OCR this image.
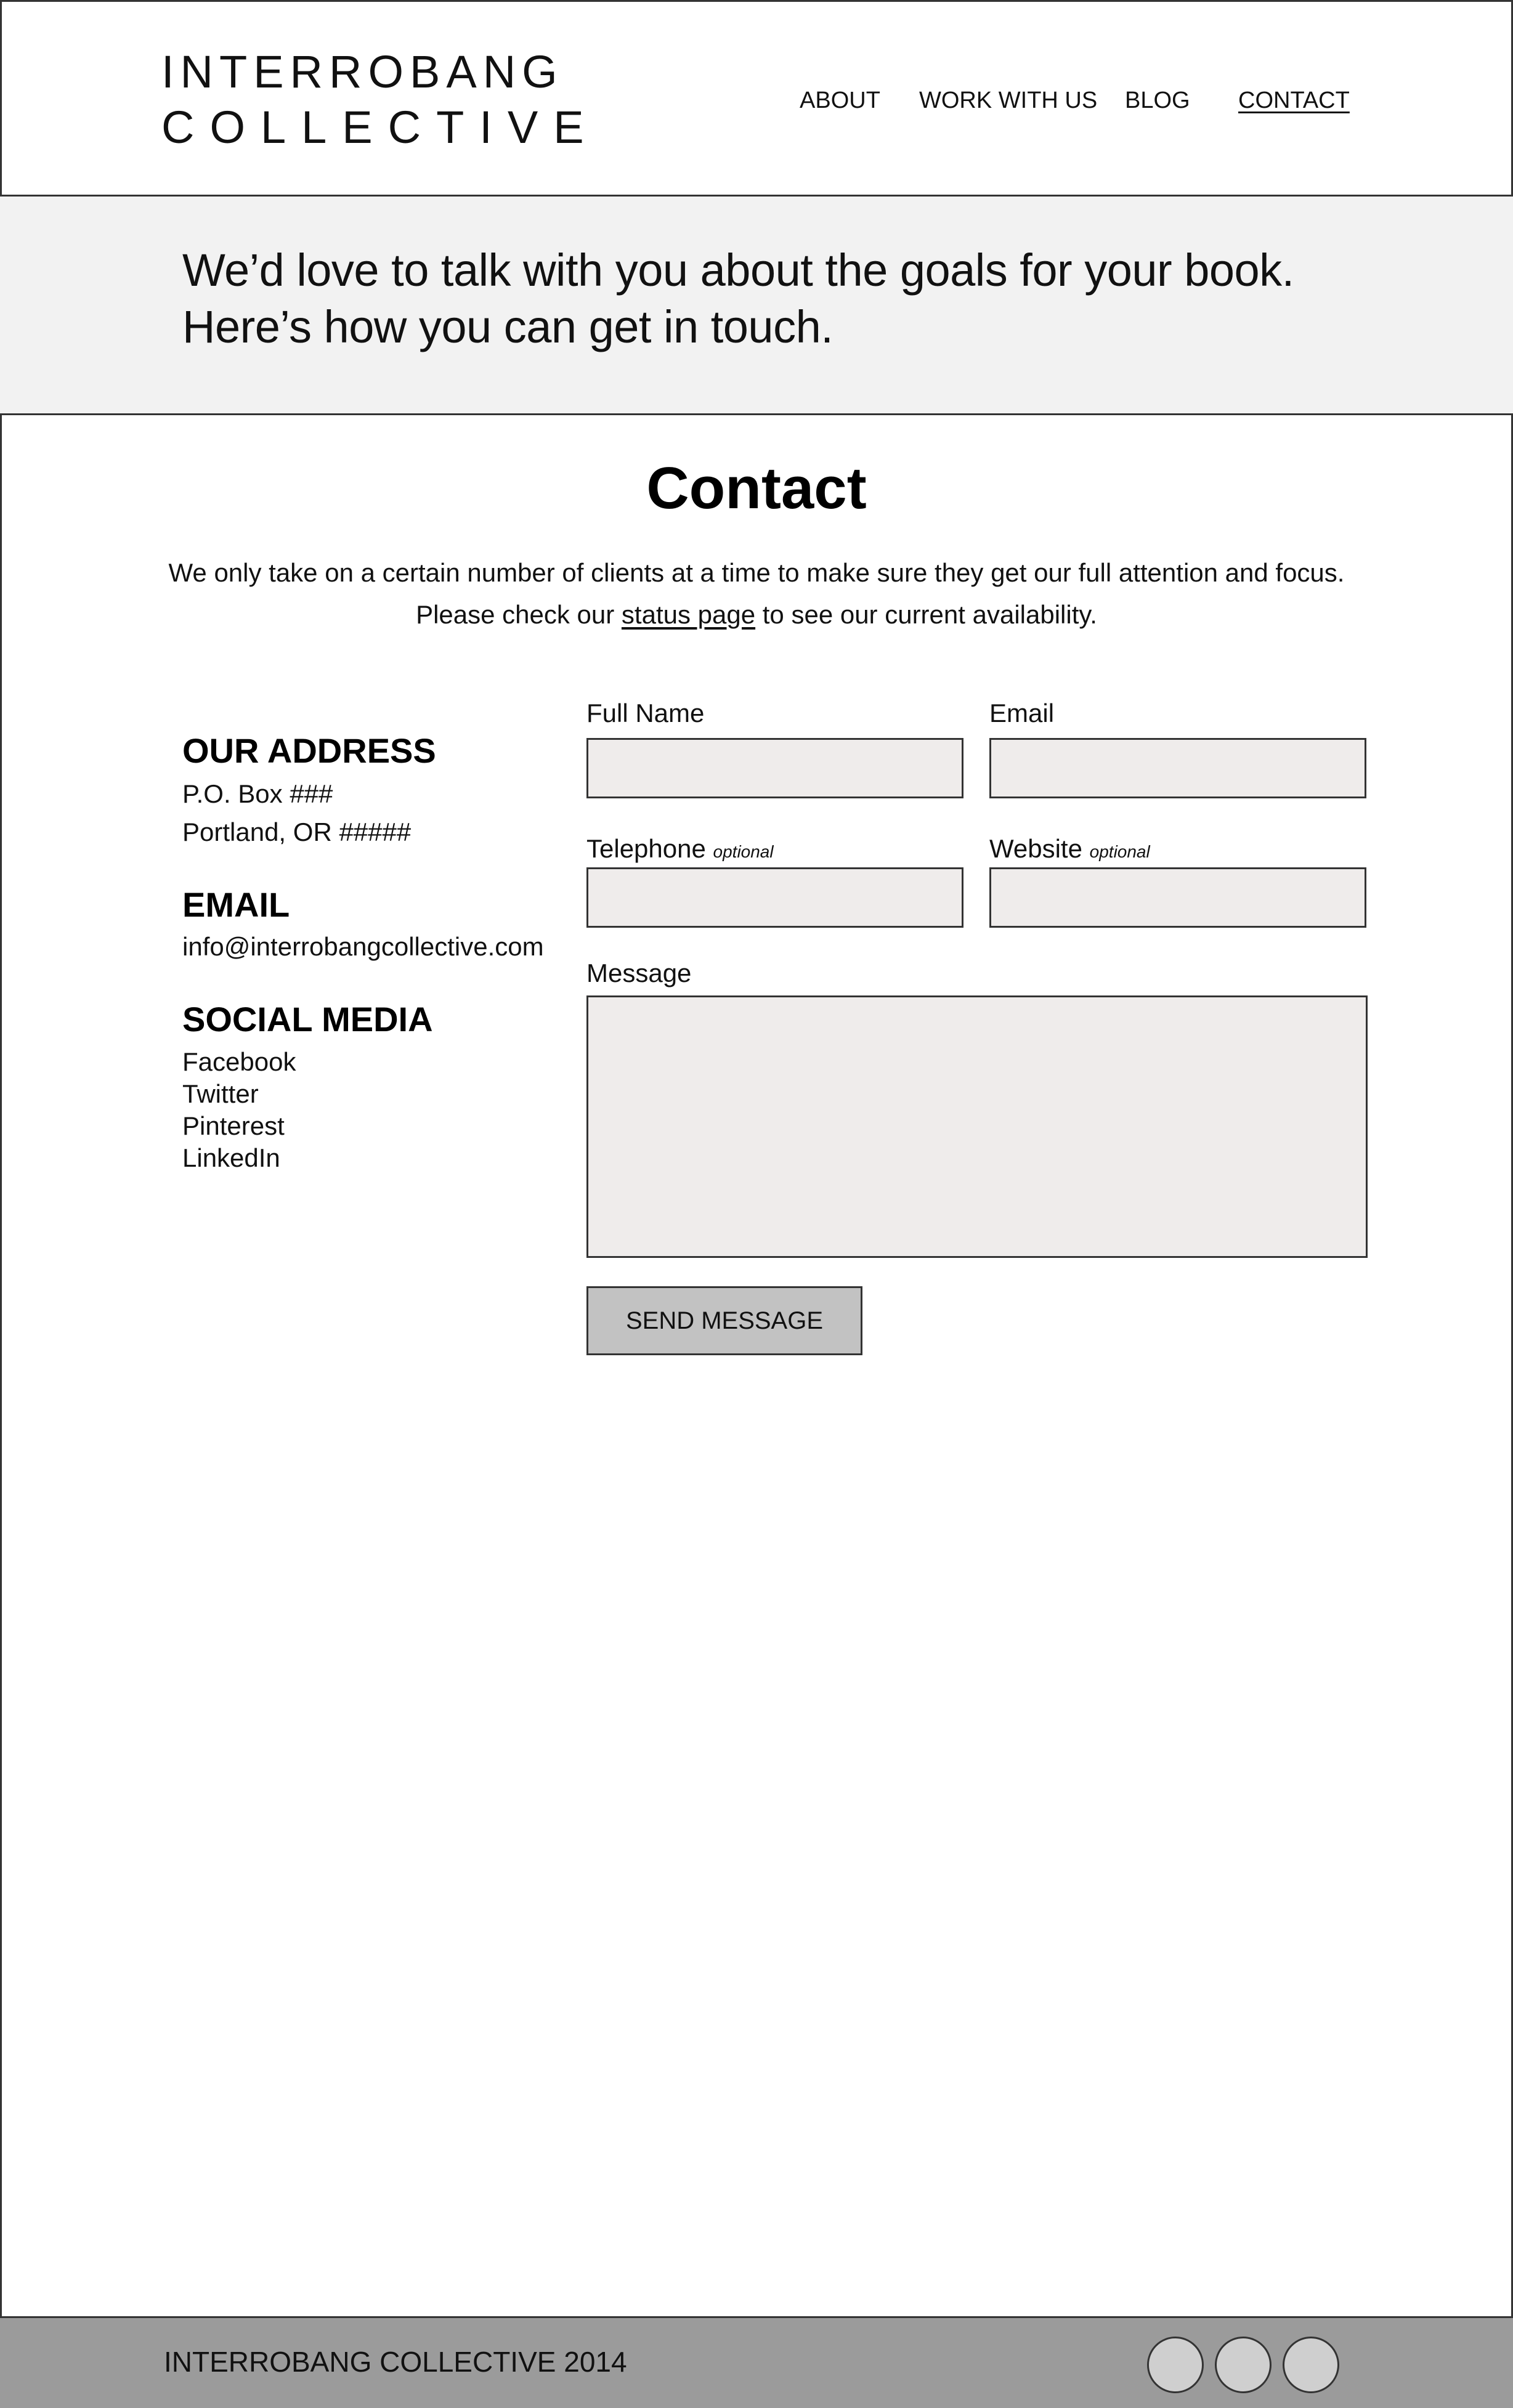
INTERROBANG
COLLECTIVE
ABOUT WORK WITH US BLOG CONTACT
We’d love to talk with you about the goals for your book.
Here’s how you can get in touch.
Contact
We only take on a certain number of clients at a time to make sure they get our full attention and focus.
Please check our status page to see our current availability.
OUR ADDRESS
P.O. Box ###
Portland, OR #####
EMAIL
info@interrobangcollective.com
SOCIAL MEDIA
Facebook
Twitter
Pinterest
LinkedIn
Full Name	Email
Telephone optional	Website optional
Message
SEND MESSAGE
INTERROBANG COLLECTIVE 2014
